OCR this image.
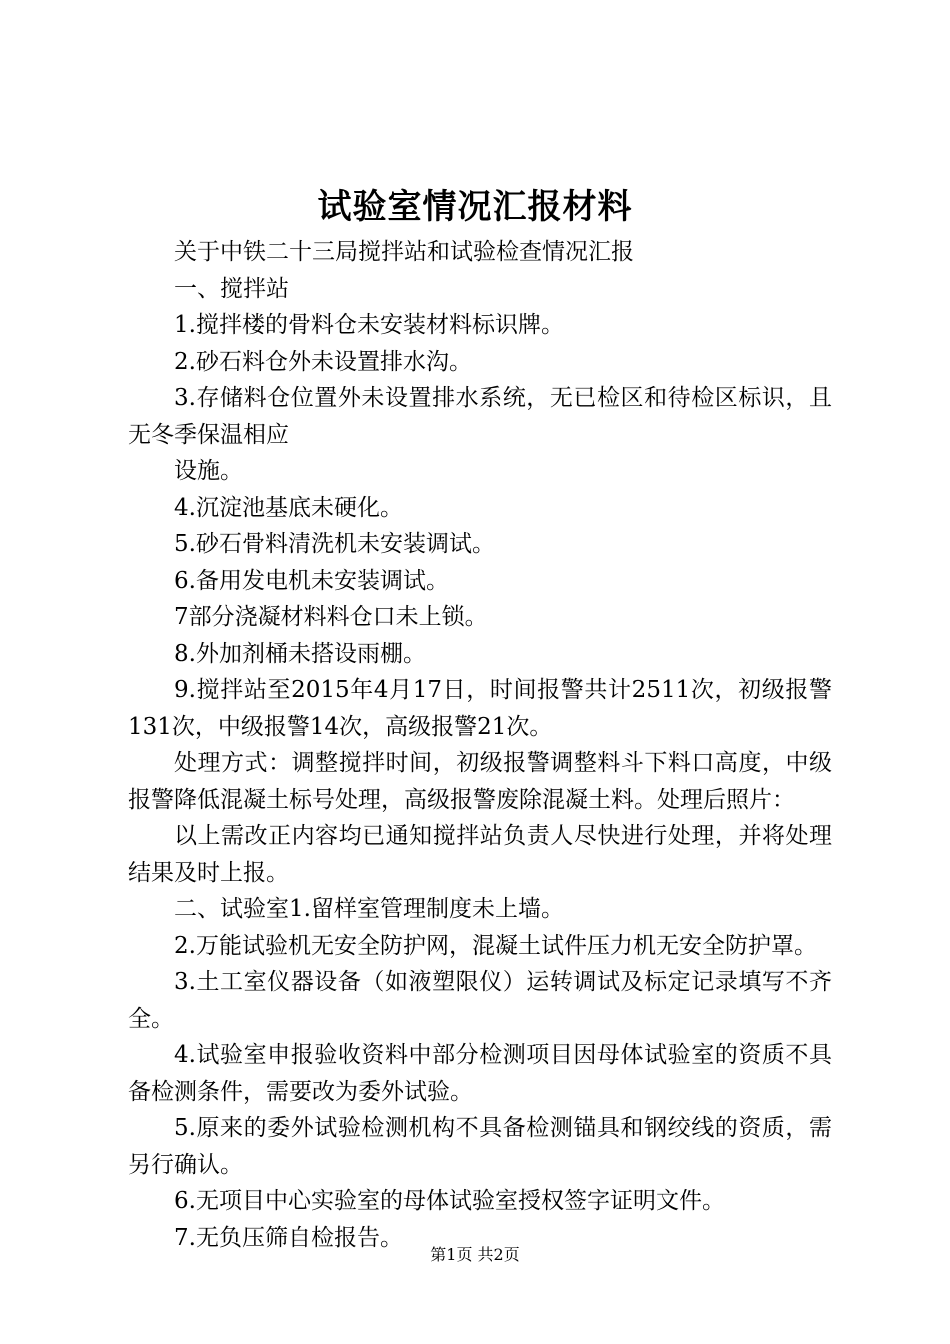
试验室情况汇报材料

关于中铁二十三局搅拌站和试验检查情况汇报

一、搅拌站

1.搅拌楼的骨料仓未安装材料标识牌。

2.砂石料仓外未设置排水沟。

3.存储料仓位置外未设置排水系统，无已检区和待检区标识，且无冬季保温相应

设施。

4.沉淀池基底未硬化。

5.砂石骨料清洗机未安装调试。

6.备用发电机未安装调试。

7部分浇凝材料料仓口未上锁。

8.外加剂桶未搭设雨棚。

9.搅拌站至2015年4月17日，时间报警共计2511次，初级报警131次，中级报警14次，高级报警21次。

处理方式：调整搅拌时间，初级报警调整料斗下料口高度，中级报警降低混凝土标号处理，高级报警废除混凝土料。处理后照片：

以上需改正内容均已通知搅拌站负责人尽快进行处理，并将处理结果及时上报。

二、试验室1.留样室管理制度未上墙。

2.万能试验机无安全防护网，混凝土试件压力机无安全防护罩。

3.土工室仪器设备（如液塑限仪）运转调试及标定记录填写不齐全。

4.试验室申报验收资料中部分检测项目因母体试验室的资质不具备检测条件，需要改为委外试验。

5.原来的委外试验检测机构不具备检测锚具和钢绞线的资质，需另行确认。

6.无项目中心实验室的母体试验室授权签字证明文件。

7.无负压筛自检报告。

第1页 共2页
